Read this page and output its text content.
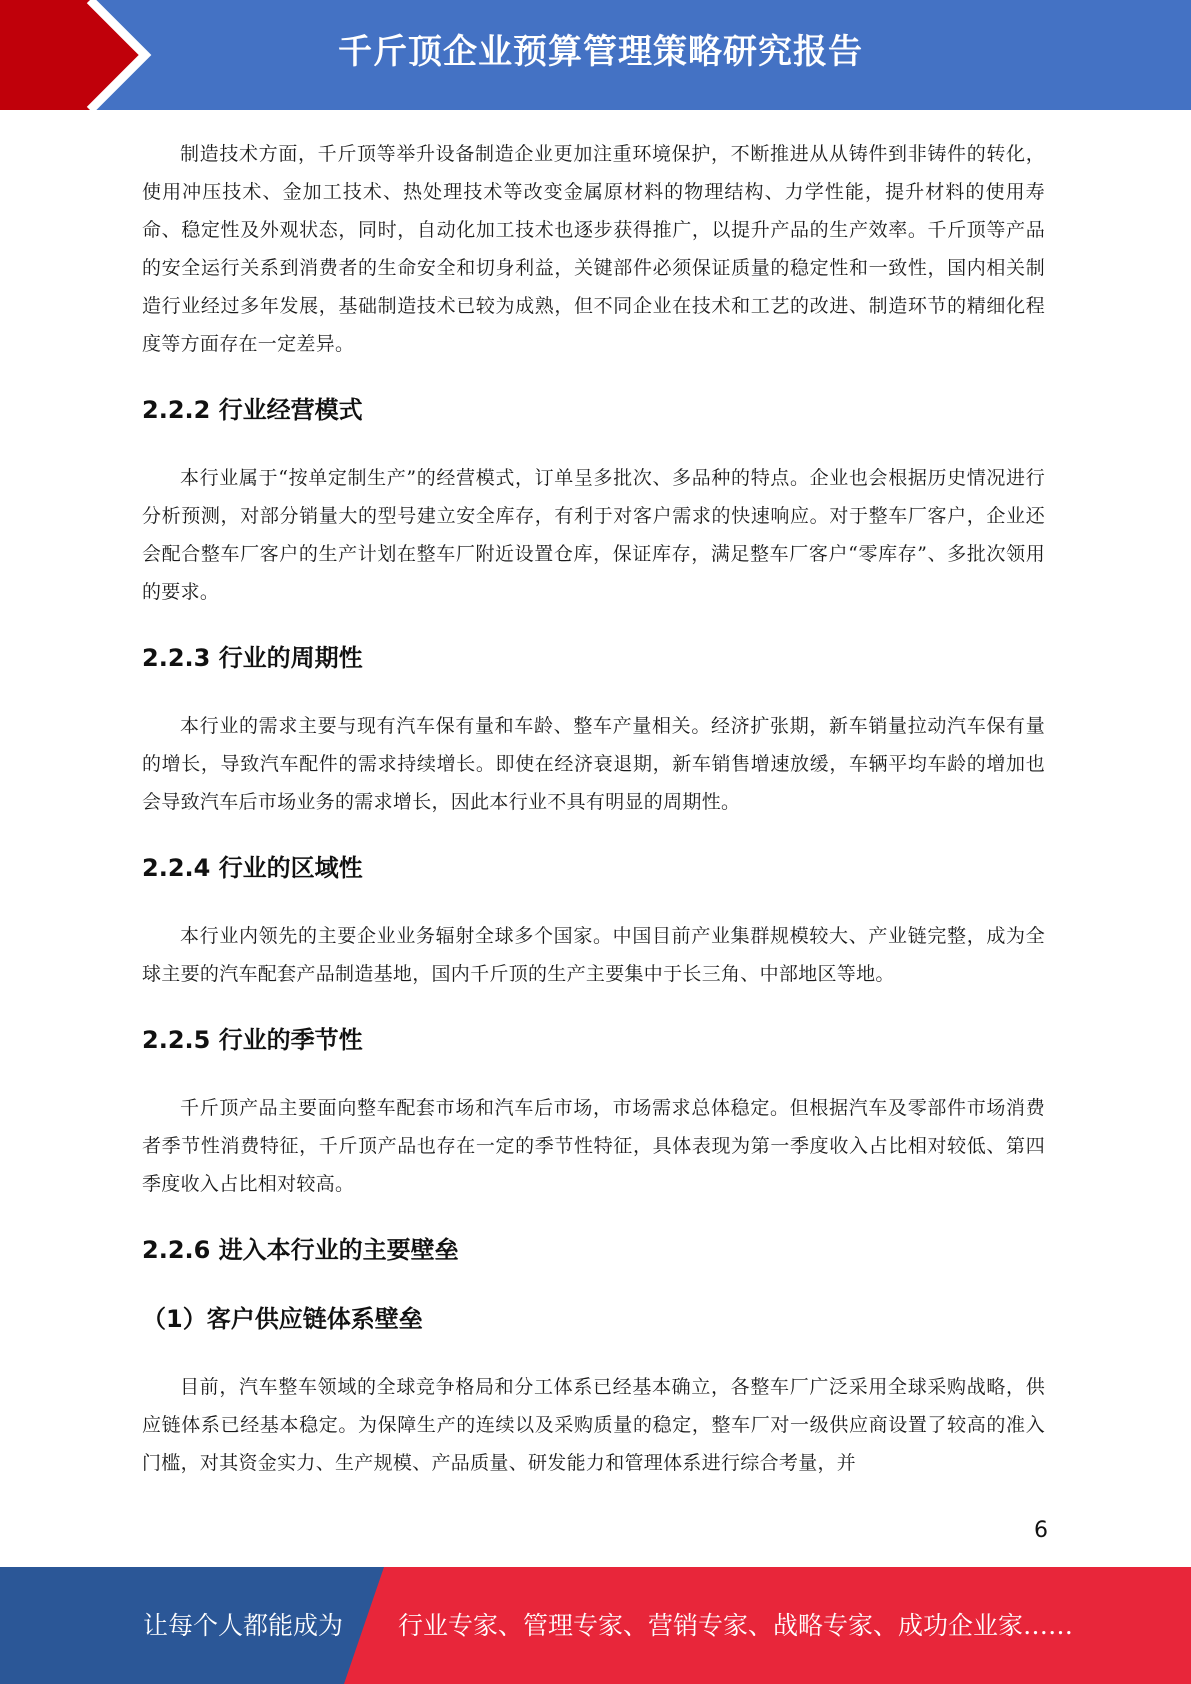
千斤顶企业预算管理策略研究报告

制造技术方面，千斤顶等举升设备制造企业更加注重环境保护，不断推进从从铸件到非铸件的转化，使用冲压技术、金加工技术、热处理技术等改变金属原材料的物理结构、力学性能，提升材料的使用寿命、稳定性及外观状态，同时，自动化加工技术也逐步获得推广，以提升产品的生产效率。千斤顶等产品的安全运行关系到消费者的生命安全和切身利益，关键部件必须保证质量的稳定性和一致性，国内相关制造行业经过多年发展，基础制造技术已较为成熟，但不同企业在技术和工艺的改进、制造环节的精细化程度等方面存在一定差异。

2.2.2 行业经营模式

本行业属于“按单定制生产”的经营模式，订单呈多批次、多品种的特点。企业也会根据历史情况进行分析预测，对部分销量大的型号建立安全库存，有利于对客户需求的快速响应。对于整车厂客户，企业还会配合整车厂客户的生产计划在整车厂附近设置仓库，保证库存，满足整车厂客户“零库存”、多批次领用的要求。

2.2.3 行业的周期性

本行业的需求主要与现有汽车保有量和车龄、整车产量相关。经济扩张期，新车销量拉动汽车保有量的增长，导致汽车配件的需求持续增长。即使在经济衰退期，新车销售增速放缓，车辆平均车龄的增加也会导致汽车后市场业务的需求增长，因此本行业不具有明显的周期性。

2.2.4 行业的区域性

本行业内领先的主要企业业务辐射全球多个国家。中国目前产业集群规模较大、产业链完整，成为全球主要的汽车配套产品制造基地，国内千斤顶的生产主要集中于长三角、中部地区等地。

2.2.5 行业的季节性

千斤顶产品主要面向整车配套市场和汽车后市场，市场需求总体稳定。但根据汽车及零部件市场消费者季节性消费特征，千斤顶产品也存在一定的季节性特征，具体表现为第一季度收入占比相对较低、第四季度收入占比相对较高。

2.2.6 进入本行业的主要壁垒
（1）客户供应链体系壁垒

目前，汽车整车领域的全球竞争格局和分工体系已经基本确立，各整车厂广泛采用全球采购战略，供应链体系已经基本稳定。为保障生产的连续以及采购质量的稳定，整车厂对一级供应商设置了较高的准入门槛，对其资金实力、生产规模、产品质量、研发能力和管理体系进行综合考量，并

6
让每个人都能成为 行业专家、管理专家、营销专家、战略专家、成功企业家……
